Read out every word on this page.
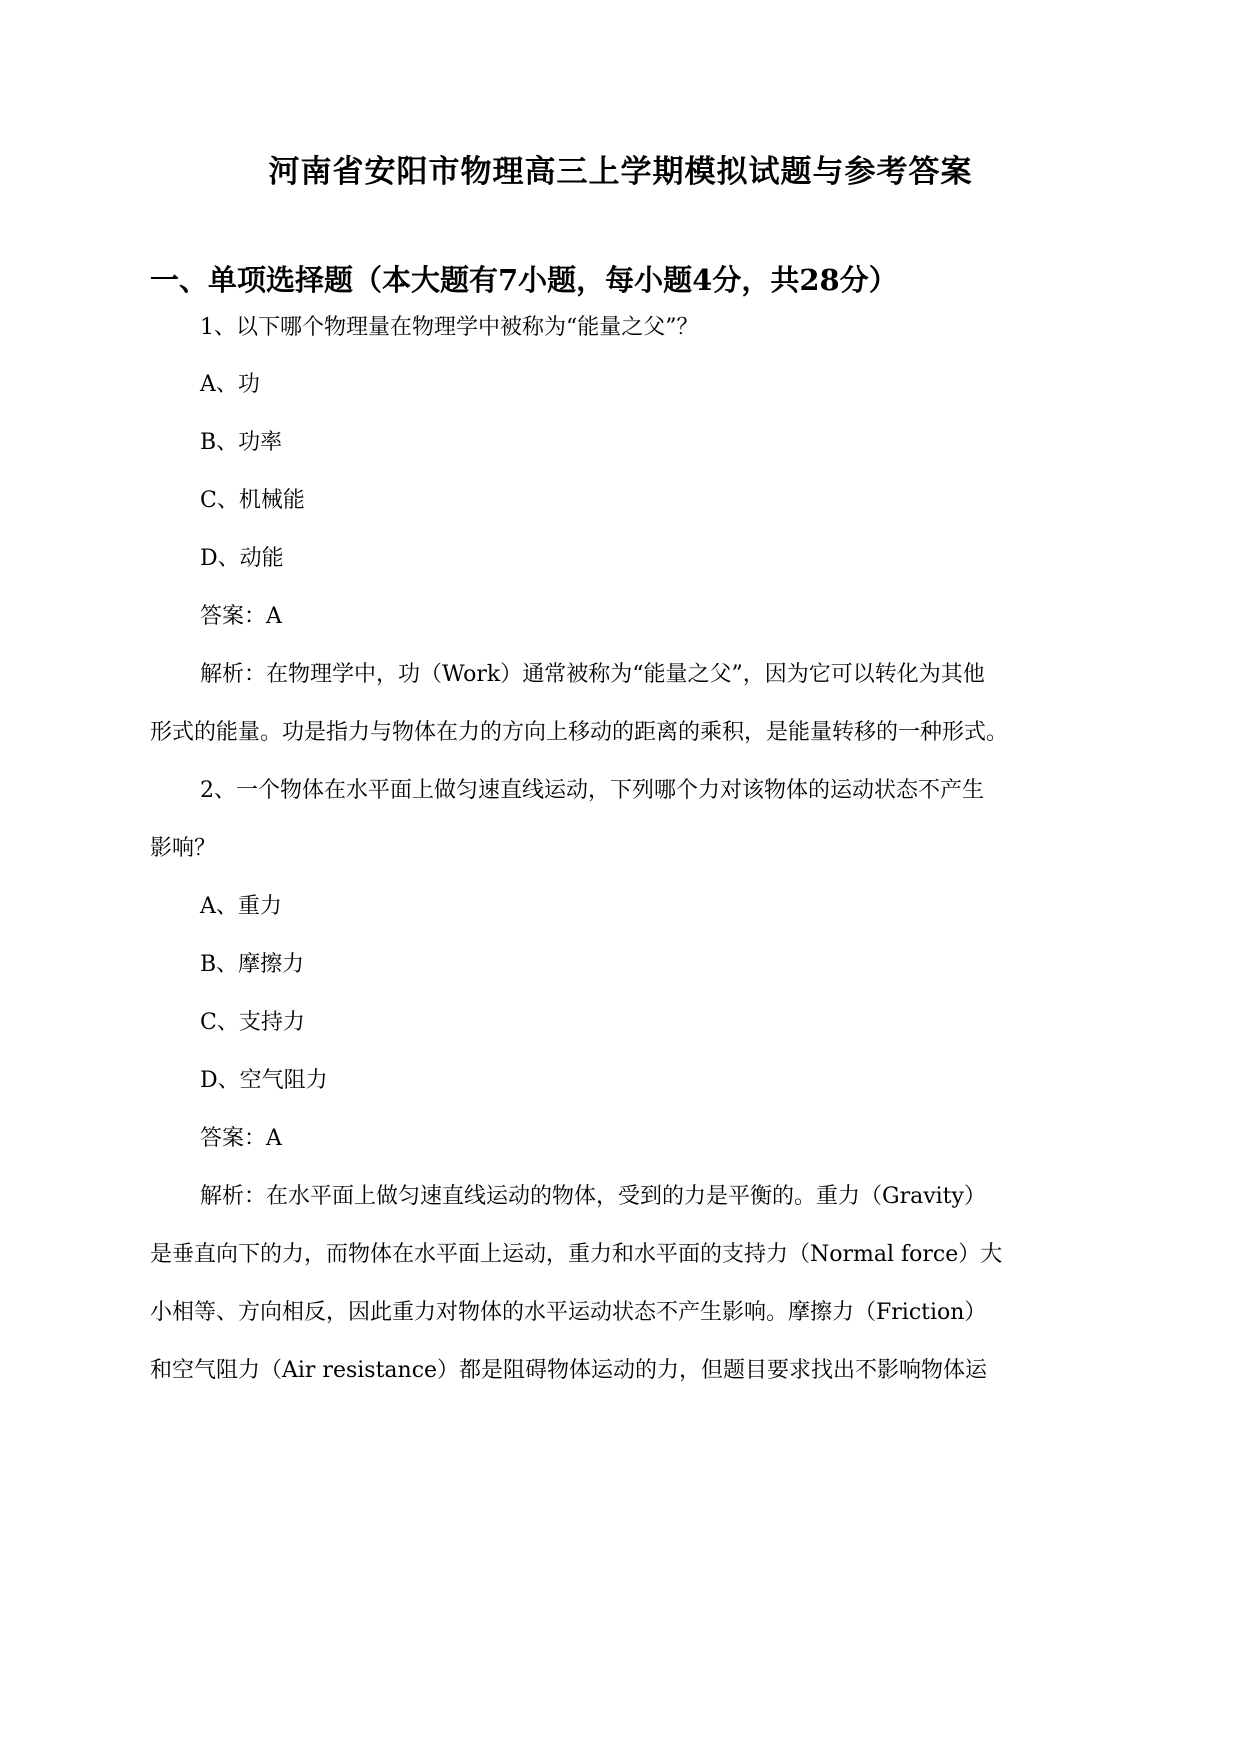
河南省安阳市物理高三上学期模拟试题与参考答案
一、单项选择题（本大题有7小题，每小题4分，共28分）
1、以下哪个物理量在物理学中被称为“能量之父”？
A、功
B、功率
C、机械能
D、动能
答案：A
解析：在物理学中，功（Work）通常被称为“能量之父”，因为它可以转化为其他
形式的能量。功是指力与物体在力的方向上移动的距离的乘积，是能量转移的一种形式。
2、一个物体在水平面上做匀速直线运动，下列哪个力对该物体的运动状态不产生
影响？
A、重力
B、摩擦力
C、支持力
D、空气阻力
答案：A
解析：在水平面上做匀速直线运动的物体，受到的力是平衡的。重力（Gravity）
是垂直向下的力，而物体在水平面上运动，重力和水平面的支持力（Normal force）大
小相等、方向相反，因此重力对物体的水平运动状态不产生影响。摩擦力（Friction）
和空气阻力（Air resistance）都是阻碍物体运动的力，但题目要求找出不影响物体运
